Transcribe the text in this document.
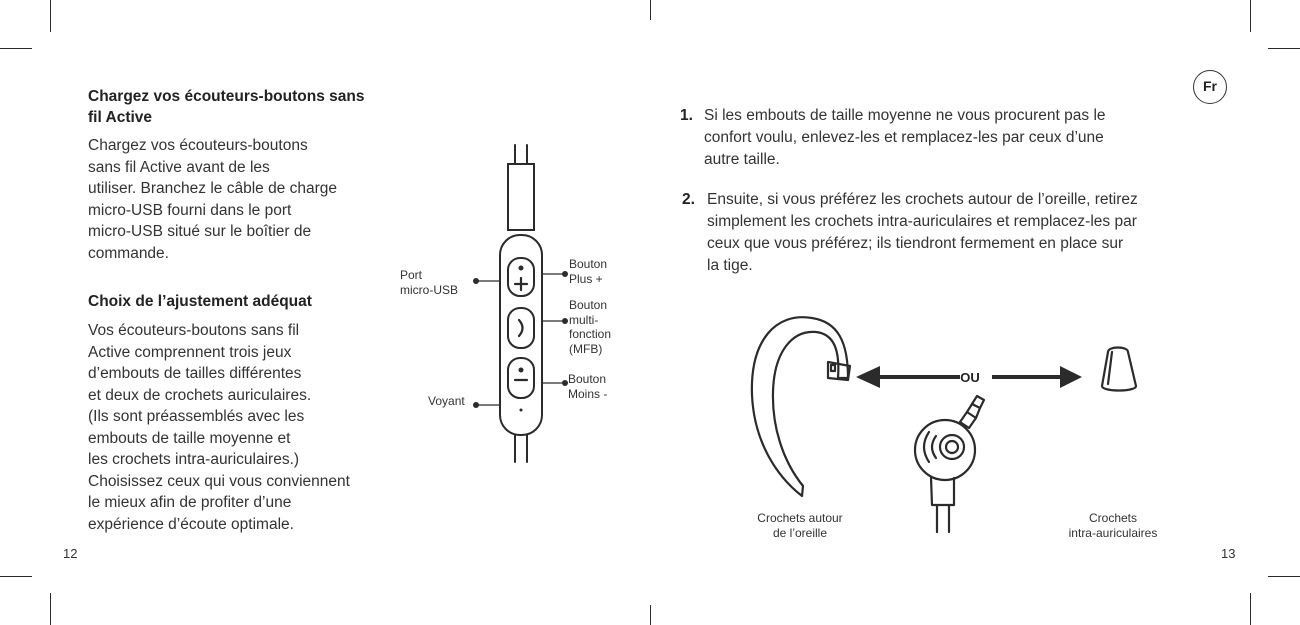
Chargez vos écouteurs-boutons sans
fil Active
Chargez vos écouteurs-boutons
sans fil Active avant de les
utiliser. Branchez le câble de charge
micro-USB fourni dans le port
micro-USB situé sur le boîtier de
commande.
Choix de l’ajustement adéquat
Vos écouteurs-boutons sans fil
Active comprennent trois jeux
d’embouts de tailles différentes
et deux de crochets auriculaires.
(Ils sont préassemblés avec les
embouts de taille moyenne et
les crochets intra-auriculaires.)
Choisissez ceux qui vous conviennent
le mieux afin de profiter d’une
expérience d’écoute optimale.
12
Port
micro-USB
Voyant
Bouton
Plus +
Bouton
multi-
fonction
(MFB)
Bouton
Moins -
Fr
1. Si les embouts de taille moyenne ne vous procurent pas le
confort voulu, enlevez-les et remplacez-les par ceux d’une
autre taille.
2. Ensuite, si vous préférez les crochets autour de l’oreille, retirez
simplement les crochets intra-auriculaires et remplacez-les par
ceux que vous préférez; ils tiendront fermement en place sur
la tige.
OU
Crochets autour
de l’oreille
Crochets
intra-auriculaires
13
